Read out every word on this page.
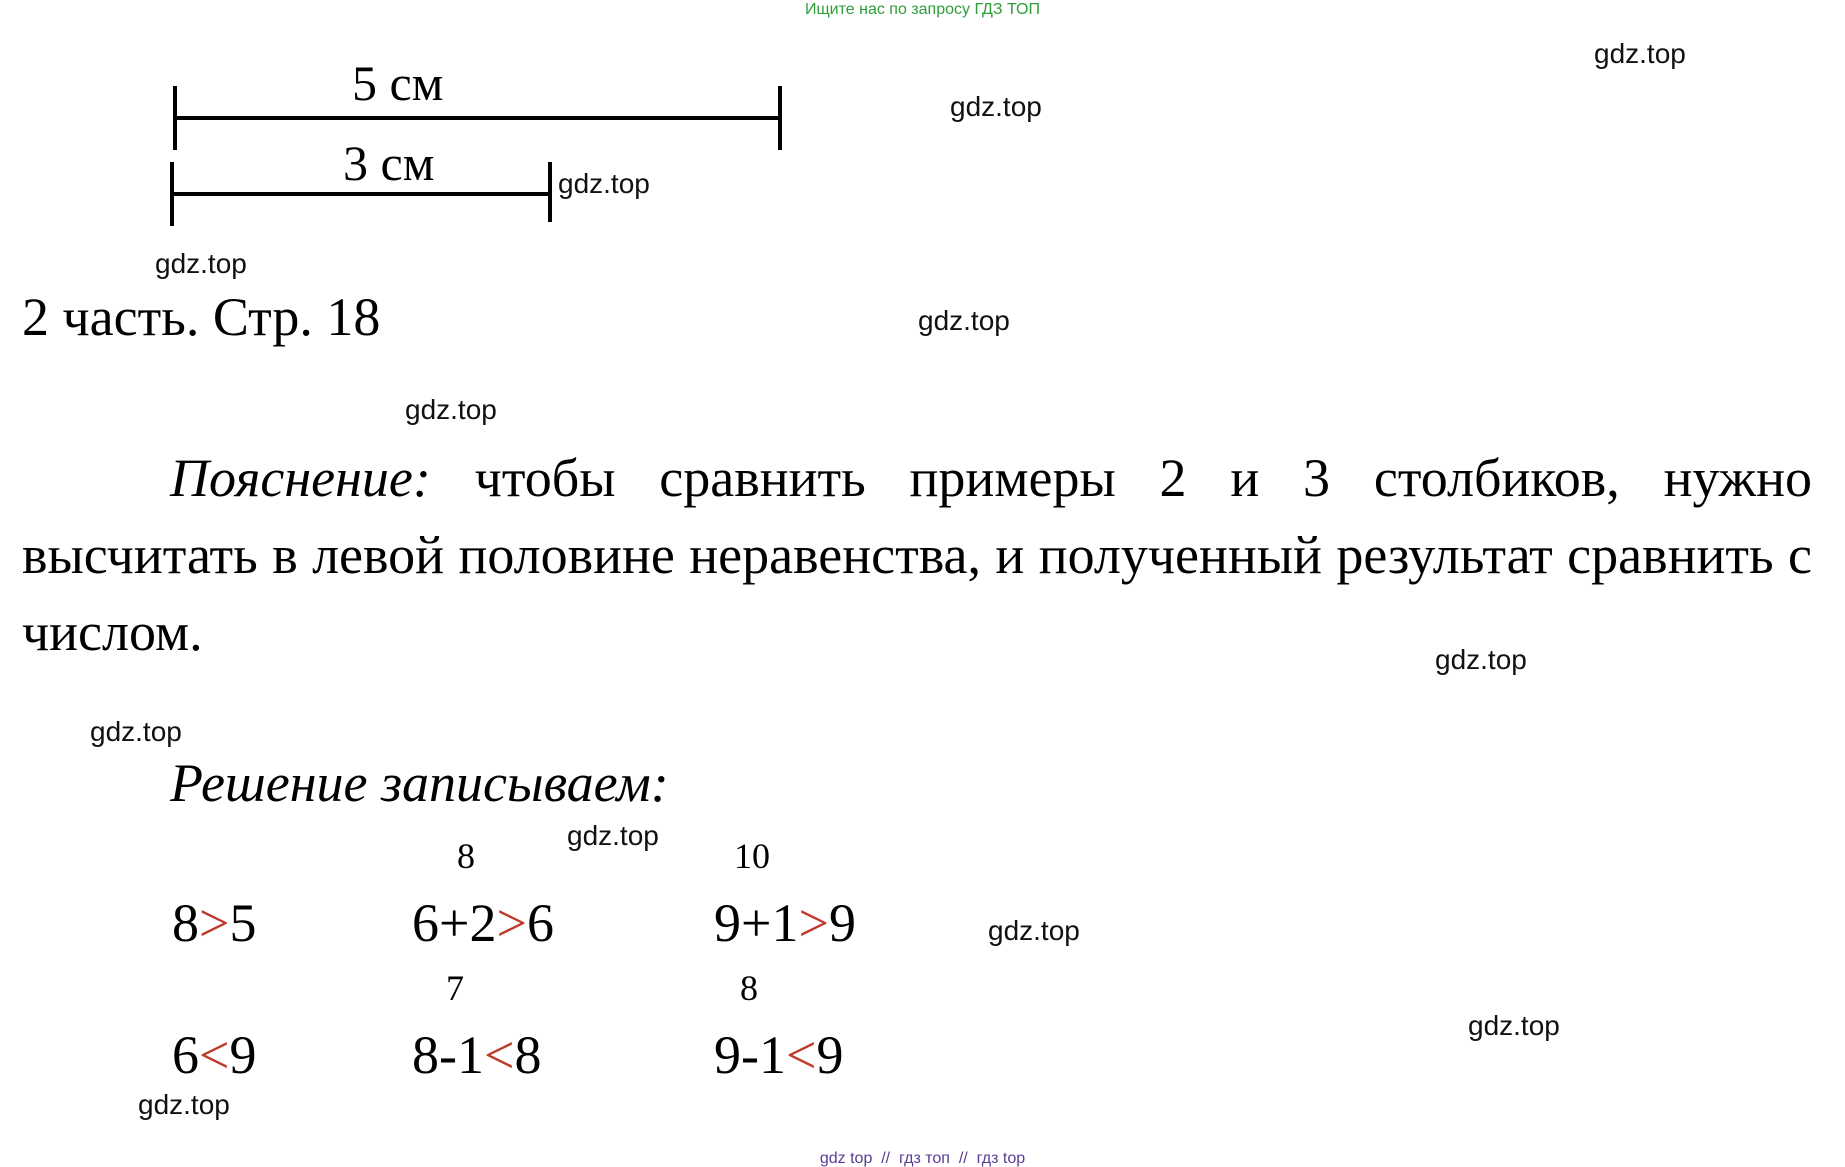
Ищите нас по запросу ГДЗ ТОП
5 см
3 см
2 часть. Стр. 18
Пояснение: чтобы сравнить примеры 2 и 3 столбиков, нужно высчитать в левой половине неравенства, и полученный результат сравнить с числом.
Решение записываем:
8>5
8
6+2>6
10
9+1>9
6<9
7
8-1<8
8
9-1<9
gdz.top
gdz.top
gdz.top
gdz.top
gdz.top
gdz.top
gdz.top
gdz.top
gdz.top
gdz.top
gdz.top
gdz.top
gdz top // гдз топ // гдз top
